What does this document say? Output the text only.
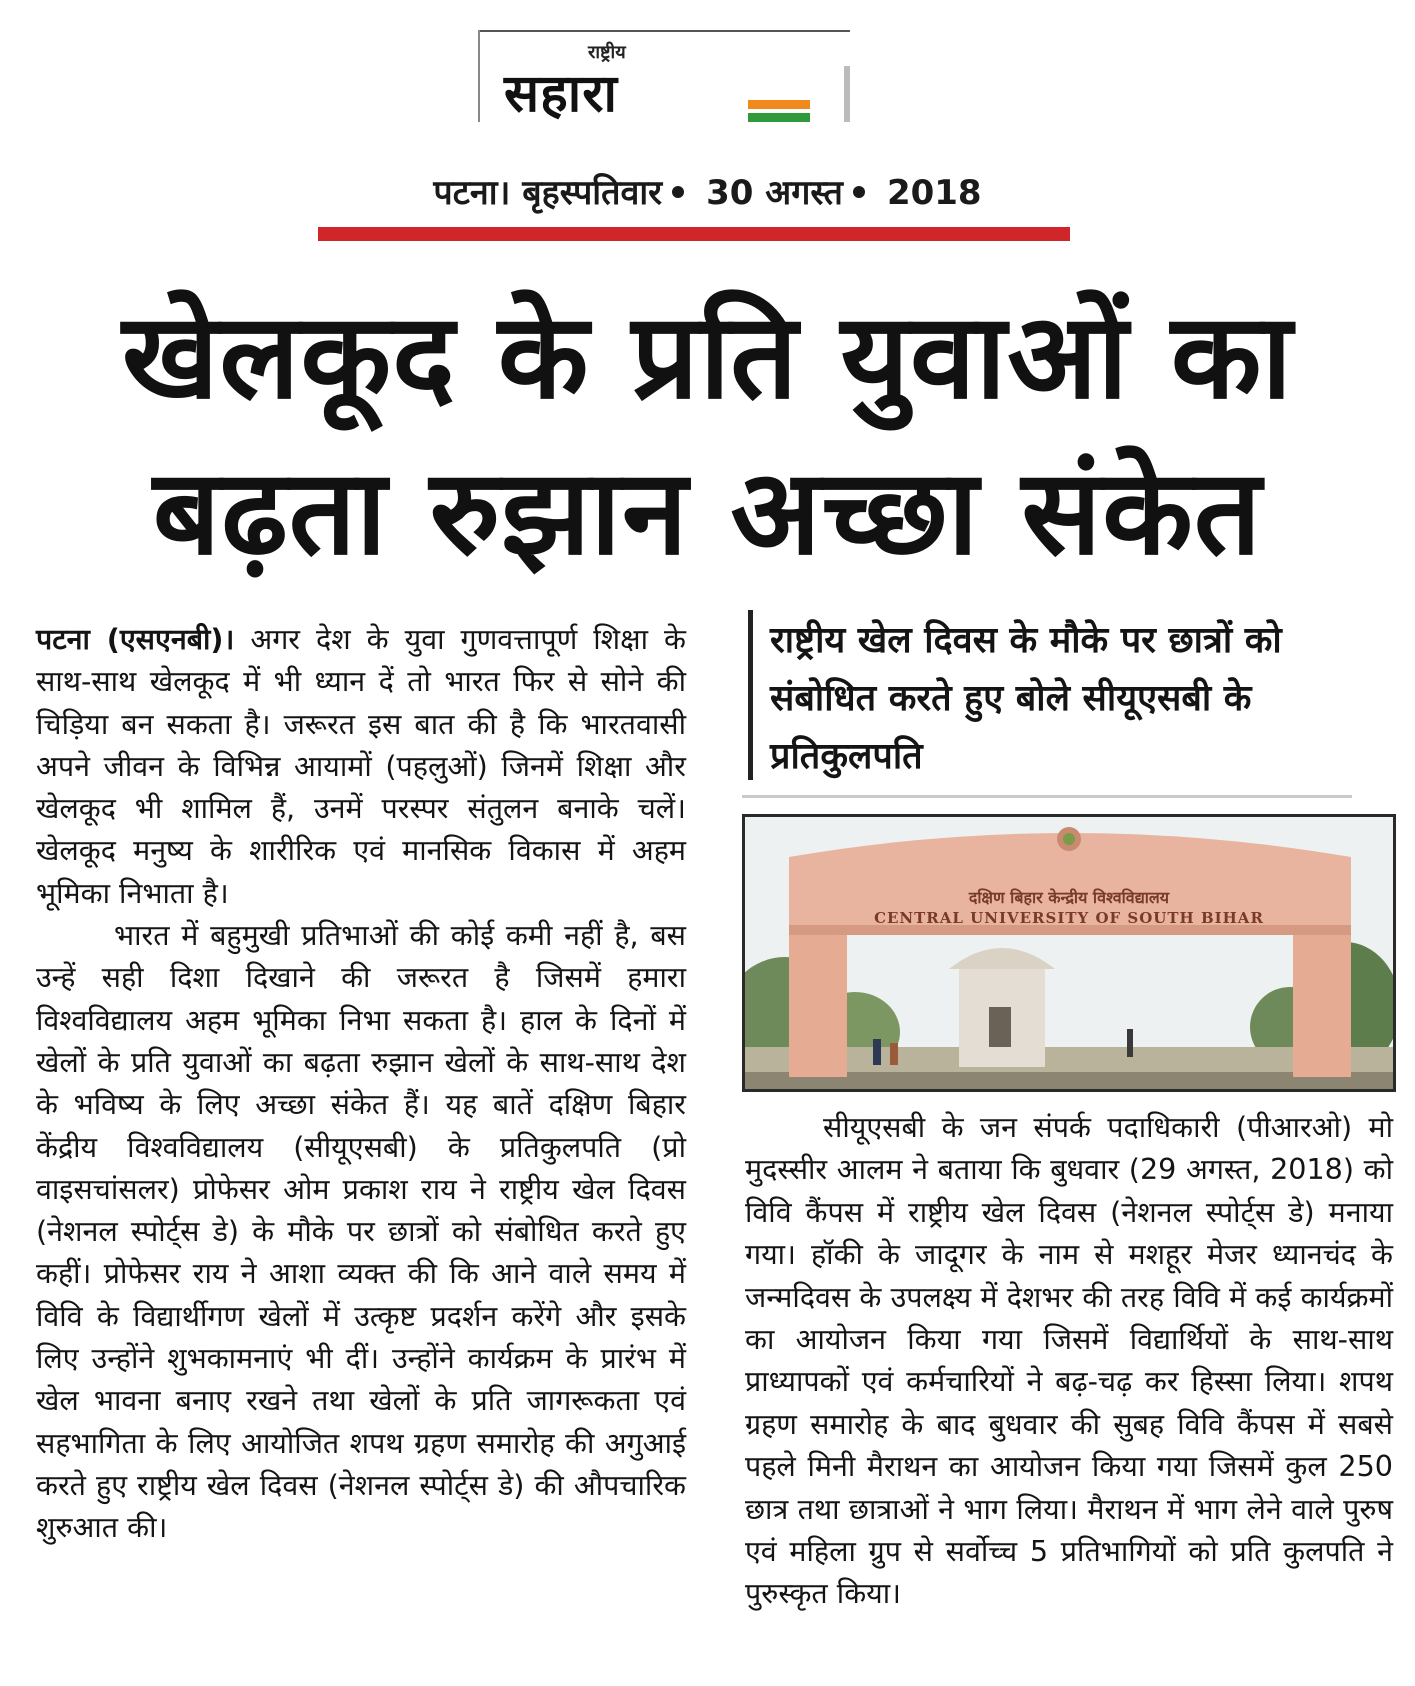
राष्ट्रीय
सहारा
पटना। बृहस्पतिवार 30 अगस्त 2018
खेलकूद के प्रति युवाओं का
बढ़ता रुझान अच्छा संकेत

पटना (एसएनबी)। अगर देश के युवा गुणवत्तापूर्ण शिक्षा के साथ-साथ खेलकूद में भी ध्यान दें तो भारत फिर से सोने की चिड़िया बन सकता है। जरूरत इस बात की है कि भारतवासी अपने जीवन के विभिन्न आयामों (पहलुओं) जिनमें शिक्षा और खेलकूद भी शामिल हैं, उनमें परस्पर संतुलन बनाके चलें। खेलकूद मनुष्य के शारीरिक एवं मानसिक विकास में अहम भूमिका निभाता है।

भारत में बहुमुखी प्रतिभाओं की कोई कमी नहीं है, बस उन्हें सही दिशा दिखाने की जरूरत है जिसमें हमारा विश्वविद्यालय अहम भूमिका निभा सकता है। हाल के दिनों में खेलों के प्रति युवाओं का बढ़ता रुझान खेलों के साथ-साथ देश के भविष्य के लिए अच्छा संकेत हैं। यह बातें दक्षिण बिहार केंद्रीय विश्वविद्यालय (सीयूएसबी) के प्रतिकुलपति (प्रो वाइसचांसलर) प्रोफेसर ओम प्रकाश राय ने राष्ट्रीय खेल दिवस (नेशनल स्पोर्ट्स डे) के मौके पर छात्रों को संबोधित करते हुए कहीं। प्रोफेसर राय ने आशा व्यक्त की कि आने वाले समय में विवि के विद्यार्थीगण खेलों में उत्कृष्ट प्रदर्शन करेंगे और इसके लिए उन्होंने शुभकामनाएं भी दीं। उन्होंने कार्यक्रम के प्रारंभ में खेल भावना बनाए रखने तथा खेलों के प्रति जागरूकता एवं सहभागिता के लिए आयोजित शपथ ग्रहण समारोह की अगुआई करते हुए राष्ट्रीय खेल दिवस (नेशनल स्पोर्ट्स डे) की औपचारिक शुरुआत की।

राष्ट्रीय खेल दिवस के मौके पर छात्रों को संबोधित करते हुए बोले सीयूएसबी के प्रतिकुलपति
दक्षिण बिहार केन्द्रीय विश्वविद्यालय
CENTRAL UNIVERSITY OF SOUTH BIHAR

सीयूएसबी के जन संपर्क पदाधिकारी (पीआरओ) मो मुदस्सीर आलम ने बताया कि बुधवार (29 अगस्त, 2018) को विवि कैंपस में राष्ट्रीय खेल दिवस (नेशनल स्पोर्ट्स डे) मनाया गया। हॉकी के जादूगर के नाम से मशहूर मेजर ध्यानचंद के जन्मदिवस के उपलक्ष्य में देशभर की तरह विवि में कई कार्यक्रमों का आयोजन किया गया जिसमें विद्यार्थियों के साथ-साथ प्राध्यापकों एवं कर्मचारियों ने बढ़-चढ़ कर हिस्सा लिया। शपथ ग्रहण समारोह के बाद बुधवार की सुबह विवि कैंपस में सबसे पहले मिनी मैराथन का आयोजन किया गया जिसमें कुल 250 छात्र तथा छात्राओं ने भाग लिया। मैराथन में भाग लेने वाले पुरुष एवं महिला ग्रुप से सर्वोच्च 5 प्रतिभागियों को प्रति कुलपति ने पुरुस्कृत किया।
